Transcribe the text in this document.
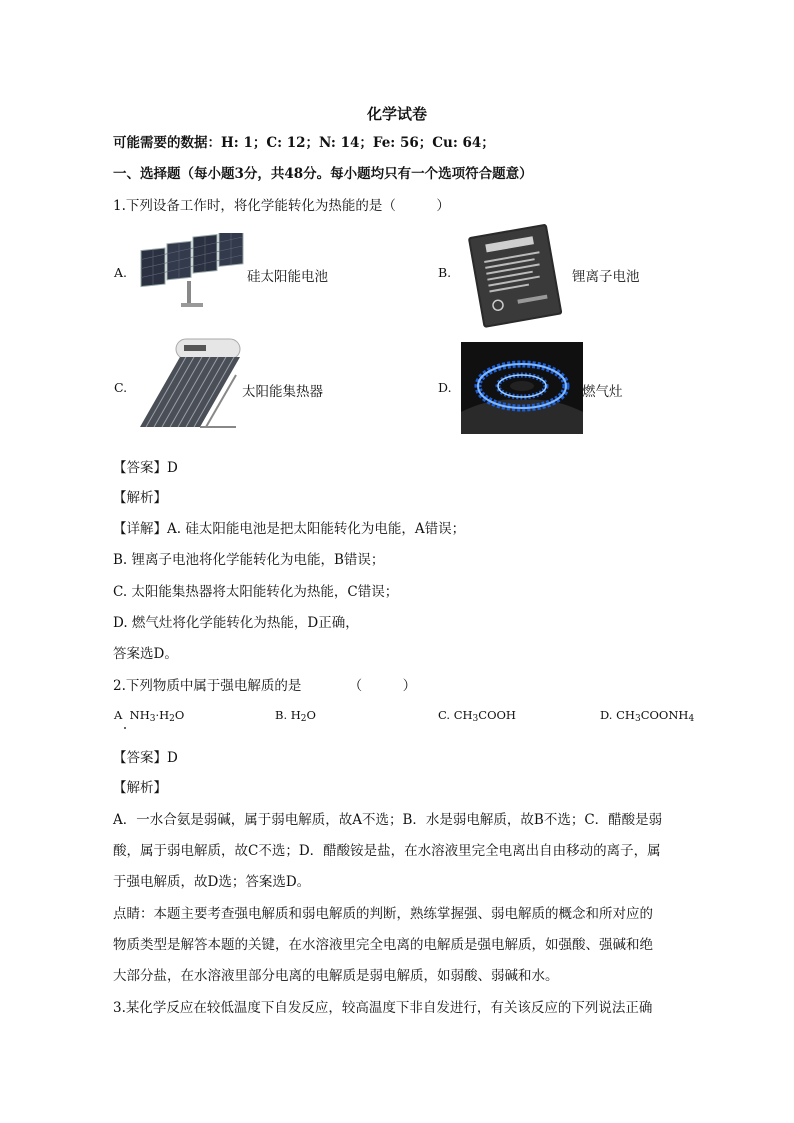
化学试卷
可能需要的数据：H: 1；C: 12；N: 14；Fe: 56；Cu: 64；
一、选择题（每小题3分，共48分。每小题均只有一个选项符合题意）
1.下列设备工作时，将化学能转化为热能的是（　　　）
A.	硅太阳能电池	B.	锂离子电池
C.	太阳能集热器	D.	燃气灶
【答案】D
【解析】
【详解】A. 硅太阳能电池是把太阳能转化为电能，A错误；
B. 锂离子电池将化学能转化为电能，B错误；
C. 太阳能集热器将太阳能转化为热能，C错误；
D. 燃气灶将化学能转化为热能，D正确，
答案选D。
2.下列物质中属于强电解质的是　　　　（　　　）
A $NH_3\cdot H_2O$	B. $H_2O$	C. $CH_3COOH$	D. $CH_3COONH_4$
【答案】D
【解析】
A．一水合氨是弱碱，属于弱电解质，故A不选；B．水是弱电解质，故B不选；C．醋酸是弱
酸，属于弱电解质，故C不选；D．醋酸铵是盐，在水溶液里完全电离出自由移动的离子，属
于强电解质，故D选；答案选D。
点睛：本题主要考查强电解质和弱电解质的判断，熟练掌握强、弱电解质的概念和所对应的
物质类型是解答本题的关键，在水溶液里完全电离的电解质是强电解质，如强酸、强碱和绝
大部分盐，在水溶液里部分电离的电解质是弱电解质，如弱酸、弱碱和水。
3.某化学反应在较低温度下自发反应，较高温度下非自发进行，有关该反应的下列说法正确
